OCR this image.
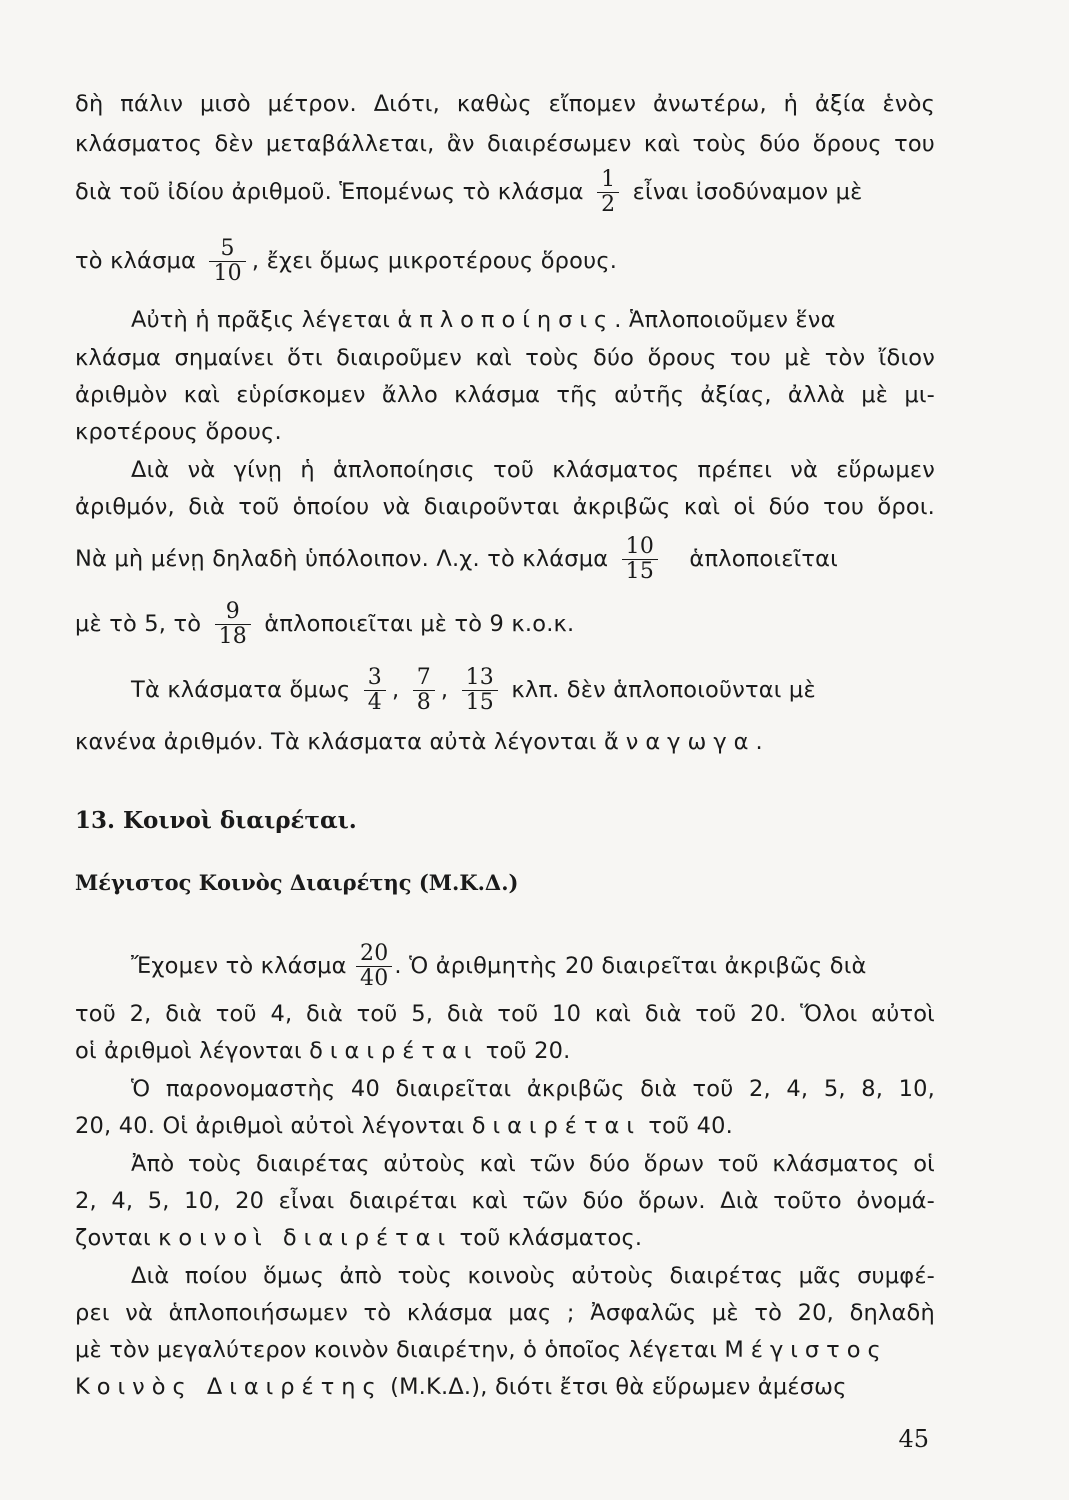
δὴ πάλιν μισὸ μέτρον. Διότι, καθὼς εἴπομεν ἀνωτέρω, ἡ ἀξία ἑνὸς
κλάσματος δὲν μεταβάλλεται, ἂν διαιρέσωμεν καὶ τοὺς δύο ὅρους του
διὰ τοῦ ἰδίου ἀριθμοῦ. Ἑπομένως τὸ κλάσμα $\frac{1}{2}$ εἶναι ἰσοδύναμον μὲ
τὸ κλάσμα $\frac{5}{10}$ , ἔχει ὅμως μικροτέρους ὅρους.
Αὐτὴ ἡ πρᾶξις λέγεται ἁπλοποίησις. Ἁπλοποιοῦμεν ἕνα
κλάσμα σημαίνει ὅτι διαιροῦμεν καὶ τοὺς δύο ὅρους του μὲ τὸν ἴδιον
ἀριθμὸν καὶ εὑρίσκομεν ἄλλο κλάσμα τῆς αὐτῆς ἀξίας, ἀλλὰ μὲ μι-
κροτέρους ὅρους.
Διὰ νὰ γίνῃ ἡ ἁπλοποίησις τοῦ κλάσματος πρέπει νὰ εὕρωμεν
ἀριθμόν, διὰ τοῦ ὁποίου νὰ διαιροῦνται ἀκριβῶς καὶ οἱ δύο του ὅροι.
Νὰ μὴ μένῃ δηλαδὴ ὑπόλοιπον. Λ.χ. τὸ κλάσμα $\frac{10}{15}$ ἁπλοποιεῖται
μὲ τὸ 5, τὸ $\frac{9}{18}$ ἁπλοποιεῖται μὲ τὸ 9 κ.ο.κ.
Τὰ κλάσματα ὅμως $\frac{3}{4}$ , $\frac{7}{8}$ , $\frac{13}{15} \kappa\lambda\pi$. δὲν ἁπλοποιοῦνται μὲ
κανένα ἀριθμόν. Τὰ κλάσματα αὐτὰ λέγονται ἄναγωγα.
13. Κοινοὶ διαιρέται.
Μέγιστος Κοινὸς Διαιρέτης (Μ.Κ.Δ.)
Ἔχομεν τὸ κλάσμα $\frac{20}{40}$ . Ὁ ἀριθμητὴς 20 διαιρεῖται ἀκριβῶς διὰ
τοῦ 2, διὰ τοῦ 4, διὰ τοῦ 5, διὰ τοῦ 10 καὶ διὰ τοῦ 20. Ὅλοι αὐτοὶ
οἱ ἀριθμοὶ λέγονται διαιρέται τοῦ 20.
Ὁ παρονομαστὴς 40 διαιρεῖται ἀκριβῶς διὰ τοῦ 2, 4, 5, 8, 10,
20, 40. Οἱ ἀριθμοὶ αὐτοὶ λέγονται διαιρέται τοῦ 40.
Ἀπὸ τοὺς διαιρέτας αὐτοὺς καὶ τῶν δύο ὅρων τοῦ κλάσματος οἱ
2, 4, 5, 10, 20 εἶναι διαιρέται καὶ τῶν δύο ὅρων. Διὰ τοῦτο ὀνομά-
ζονται κοινοὶ διαιρέται τοῦ κλάσματος.
Διὰ ποίου ὅμως ἀπὸ τοὺς κοινοὺς αὐτοὺς διαιρέτας μᾶς συμφέ-
ρει νὰ ἁπλοποιήσωμεν τὸ κλάσμα μας ; Ἀσφαλῶς μὲ τὸ 20, δηλαδὴ
μὲ τὸν μεγαλύτερον κοινὸν διαιρέτην, ὁ ὁποῖος λέγεται Μέγιστος
Κοινὸς Διαιρέτης (Μ.Κ.Δ.), διότι ἔτσι θὰ εὕρωμεν ἀμέσως
45
